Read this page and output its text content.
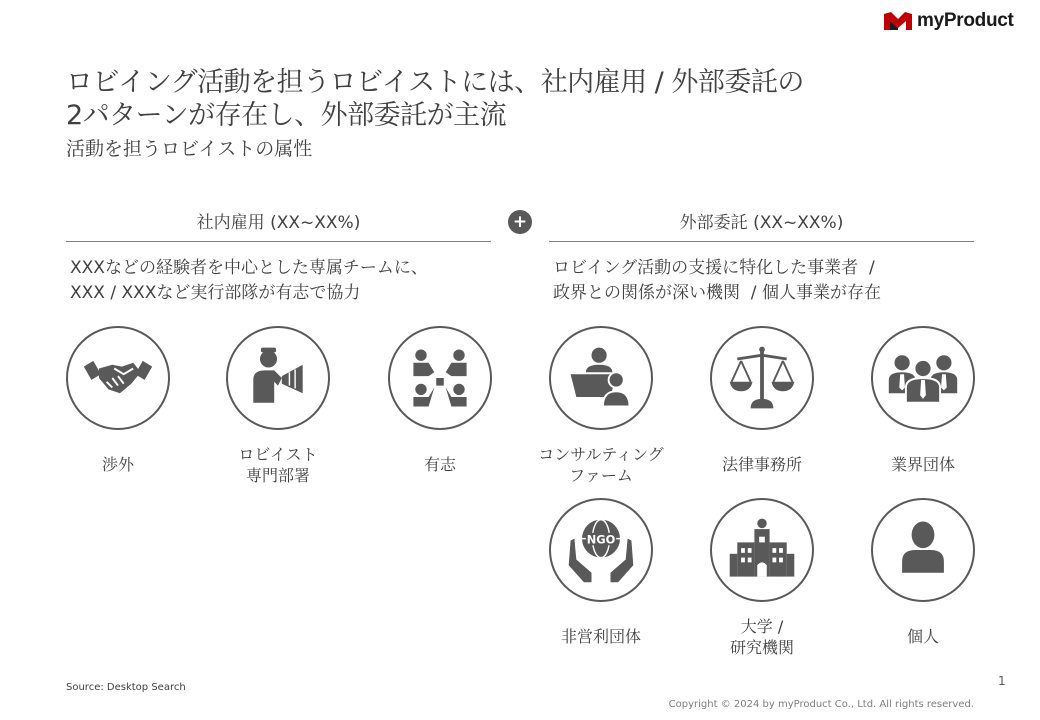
myProduct
ロビイング活動を担うロビイストには、社内雇用 / 外部委託の
2パターンが存在し、外部委託が主流
活動を担うロビイストの属性
社内雇用 (XX~XX%)	+	外部委託 (XX~XX%)
XXXなどの経験者を中心とした専属チームに、
XXX / XXXなど実行部隊が有志で協力
ロビイング活動の支援に特化した事業者  /
政界との関係が深い機関  / 個人事業が存在
渉外
ロビイスト
専門部署
有志
コンサルティング
ファーム
法律事務所	業界団体
NGO
非営利団体
大学 /
研究機関
個人
Source: Desktop Search	1
Copyright © 2024 by myProduct Co., Ltd. All rights reserved.
